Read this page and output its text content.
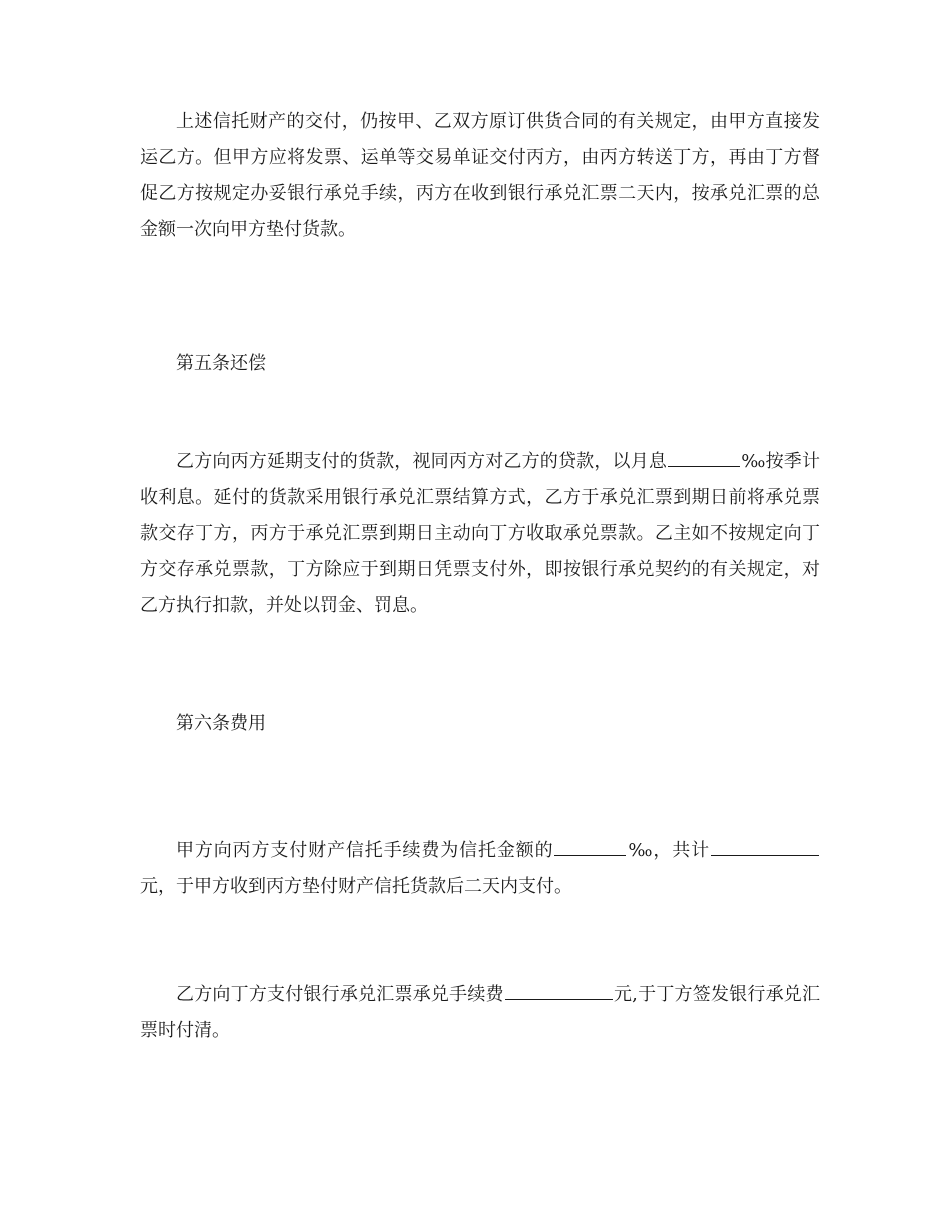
上述信托财产的交付，仍按甲、乙双方原订供货合同的有关规定，由甲方直接发运乙方。但甲方应将发票、运单等交易单证交付丙方，由丙方转送丁方，再由丁方督促乙方按规定办妥银行承兑手续，丙方在收到银行承兑汇票二天内，按承兑汇票的总金额一次向甲方垫付货款。

第五条还偿

乙方向丙方延期支付的货款，视同丙方对乙方的贷款，以月息	‰按季计收利息。延付的货款采用银行承兑汇票结算方式，乙方于承兑汇票到期日前将承兑票款交存丁方，丙方于承兑汇票到期日主动向丁方收取承兑票款。乙主如不按规定向丁方交存承兑票款，丁方除应于到期日凭票支付外，即按银行承兑契约的有关规定，对乙方执行扣款，并处以罚金、罚息。

第六条费用

甲方向丙方支付财产信托手续费为信托金额的	‰，共计元，于甲方收到丙方垫付财产信托货款后二天内支付。

乙方向丁方支付银行承兑汇票承兑手续费	元,于丁方签发银行承兑汇票时付清。
